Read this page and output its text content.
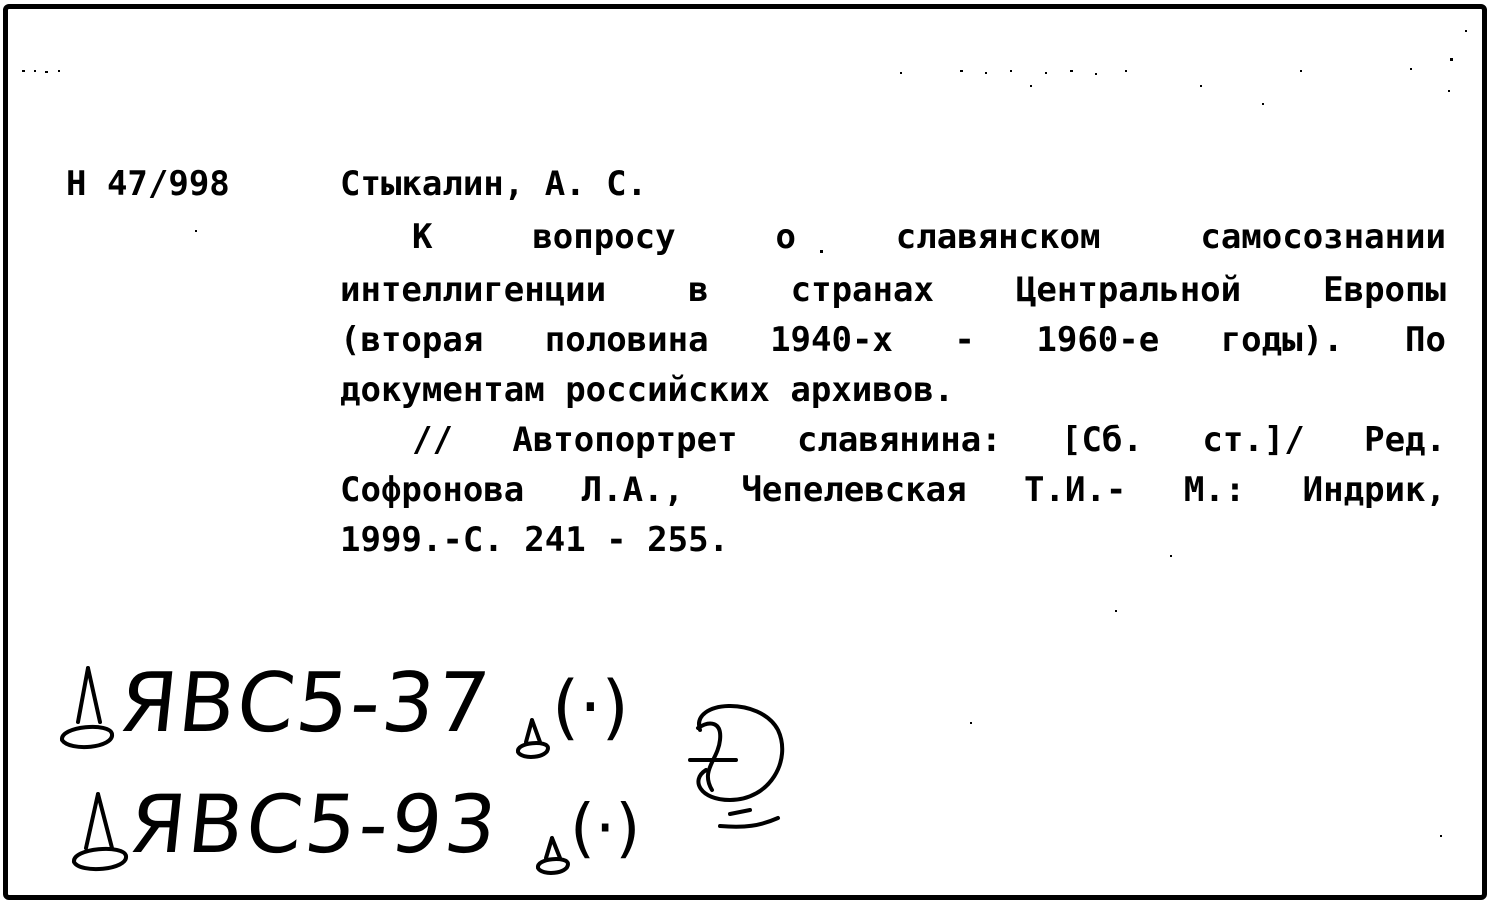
Н 47/998	Стыкалин, А. С.
К	вопросу	о	славянском	самосознании
интеллигенции в странах Центральной Европы
(вторая половина 1940-х - 1960-е годы). По
документам
российских
архивов.
// Автопортрет славянина: [Сб. ст.]/ Ред.
Софронова Л.А., Чепелевская Т.И.- М.: Индрик,
1999.-С.
241
-
255.
ЯВС5-37 (·)
ЯВС5-93 (·)
